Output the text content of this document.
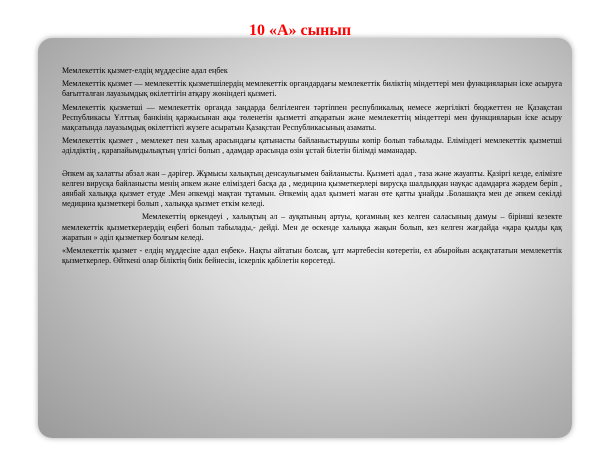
10 «А» сынып

Мемлекеттік қызмет-елдің мүддесіне адал еңбек

Мемлекеттік қызмет — мемлекеттік қызметшілердің мемлекеттік органдардағы мемлекеттік биліктің міндеттері мен функцияларын іске асыруға бағытталған лауазымдық өкілеттігін атқару жөніндегі қызметі.

Мемлекеттік қызметші — мемлекеттік органда заңдарда белгіленген тәртіппен республикалық немесе жергілікті бюджеттен не Қазақстан Республикасы Ұлттық банкінің қаржысынан ақы төленетін қызметті атқаратын және мемлекеттің міндеттері мен функцияларын іске асыру мақсатында лауазымдық өкілеттікті жүзеге асыратын Қазақстан Республикасының азаматы.

Мемлекеттік қызмет , мемлекет пен халық арасындағы қатынасты байланыстырушы көпір болып табылады. Еліміздегі мемлекеттік қызметші әділдіктің , қарапайымдылықтың үлгісі болып , адамдар арасында өзін ұстай білетін білімді маманадар.

Әпкем ақ халатты абзал жан – дәрігер. Жұмысы халықтың денсаулығымен байланысты. Қызметі адал , таза және жауапты. Қазіргі кезде, елімізге келген вирусқа байланысты менің әпкем және еліміздегі басқа да , медицина қызметкерлері вирусқа шалдыққан науқас адамдарға жәрдем беріп , аянбай халыққа қызмет етуде .Мен әпкемді мақтан тұтамын. Әпкемің адал қызметі маған өте қатты ұнайды .Болашақта мен де әпкем секілді медицина қызметкері болып , халыққа қызмет еткім келеді.

Мемлекеттің өркендеуі , халықтың әл – ауқатының артуы, қоғамның кез келген саласының дамуы – бірінші кезекте мемлекеттік қызметкерлердің еңбегі болып табылады,- дейді. Мен де өскенде халыққа жақын болып, кез келген жағдайда «қара қылды қақ жаратын » әділ қызметкер болғым келеді.

«Мемлекеттік қызмет - елдің мүддесіне адал еңбек». Нақты айтатын болсақ, ұлт мәртебесін көтеретін, ел абыройын асқақтататын мемлекеттік қызметкерлер. Өйткені олар біліктің биік бейнесін, іскерлік қабілетін көрсетеді.
